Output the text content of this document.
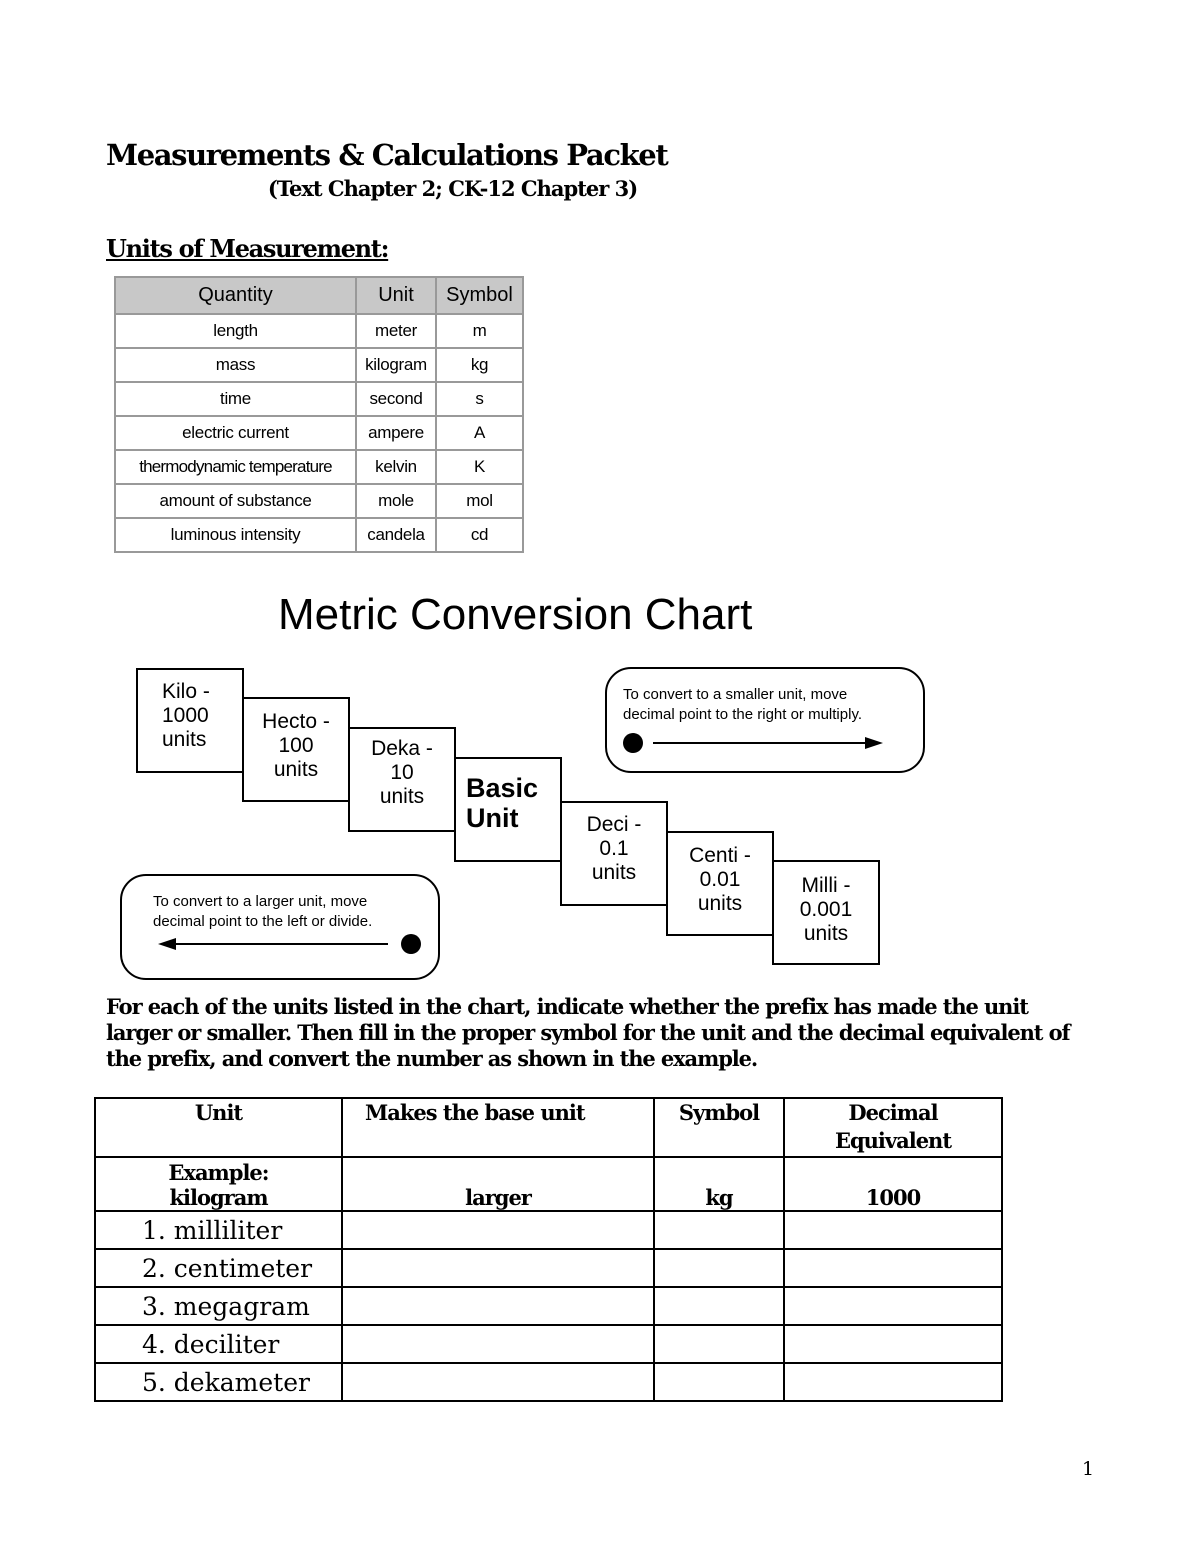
Measurements & Calculations Packet
(Text Chapter 2; CK-12 Chapter 3)
Units of Measurement:
Quantity	Unit	Symbol
length	meter	m
mass	kilogram	kg
time	second	s
electric current	ampere	A
thermodynamic temperature	kelvin	K
amount of substance	mole	mol
luminous intensity	candela	cd
Metric Conversion Chart
Kilo -
1000
units
Hecto -
100
units
Deka -
10
units	Basic
Unit	Deci -
0.1
units
Centi -
0.01
units
Milli -
0.001
units
To convert to a smaller unit, move
decimal point to the right or multiply.
To convert to a larger unit, move
decimal point to the left or divide.
For each of the units listed in the chart, indicate whether the prefix has made the unit larger or smaller. Then fill in the proper symbol for the unit and the decimal equivalent of the prefix, and convert the number as shown in the example.
Unit	Makes the base unit	Symbol	Decimal Equivalent

Example:
kilogram	larger	kg	1000
1. milliliter			
2. centimeter			
3. megagram			
4. deciliter			
5. dekameter			
1
